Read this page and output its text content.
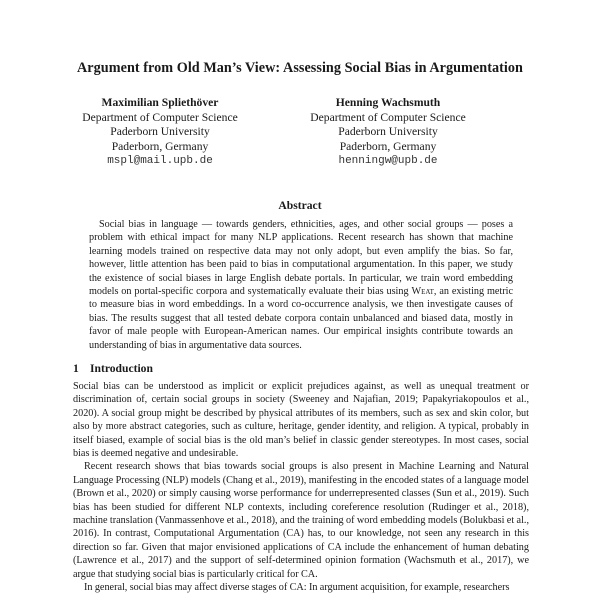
Argument from Old Man’s View: Assessing Social Bias in Argumentation
Maximilian Spliethöver
Department of Computer Science
Paderborn University
Paderborn, Germany
mspl@mail.upb.de
Henning Wachsmuth
Department of Computer Science
Paderborn University
Paderborn, Germany
henningw@upb.de
Abstract
Social bias in language — towards genders, ethnicities, ages, and other social groups — poses a problem with ethical impact for many NLP applications. Recent research has shown that machine learning models trained on respective data may not only adopt, but even amplify the bias. So far, however, little attention has been paid to bias in computational argumentation. In this paper, we study the existence of social biases in large English debate portals. In particular, we train word embedding models on portal-specific corpora and systematically evaluate their bias using Weat, an existing metric to measure bias in word embeddings. In a word co-occurrence analysis, we then investigate causes of bias. The results suggest that all tested debate corpora contain unbalanced and biased data, mostly in favor of male people with European-American names. Our empirical insights contribute towards an understanding of bias in argumentative data sources.
1 Introduction

Social bias can be understood as implicit or explicit prejudices against, as well as unequal treatment or discrimination of, certain social groups in society (Sweeney and Najafian, 2019; Papakyriakopoulos et al., 2020). A social group might be described by physical attributes of its members, such as sex and skin color, but also by more abstract categories, such as culture, heritage, gender identity, and religion. A typical, probably in itself biased, example of social bias is the old man’s belief in classic gender stereotypes. In most cases, social bias is deemed negative and undesirable.

Recent research shows that bias towards social groups is also present in Machine Learning and Natural Language Processing (NLP) models (Chang et al., 2019), manifesting in the encoded states of a language model (Brown et al., 2020) or simply causing worse performance for underrepresented classes (Sun et al., 2019). Such bias has been studied for different NLP contexts, including coreference resolution (Rudinger et al., 2018), machine translation (Vanmassenhove et al., 2018), and the training of word embedding models (Bolukbasi et al., 2016). In contrast, Computational Argumentation (CA) has, to our knowledge, not seen any research in this direction so far. Given that major envisioned applications of CA include the enhancement of human debating (Lawrence et al., 2017) and the support of self-determined opinion formation (Wachsmuth et al., 2017), we argue that studying social bias is particularly critical for CA.

In general, social bias may affect diverse stages of CA: In argument acquisition, for example, researchers
